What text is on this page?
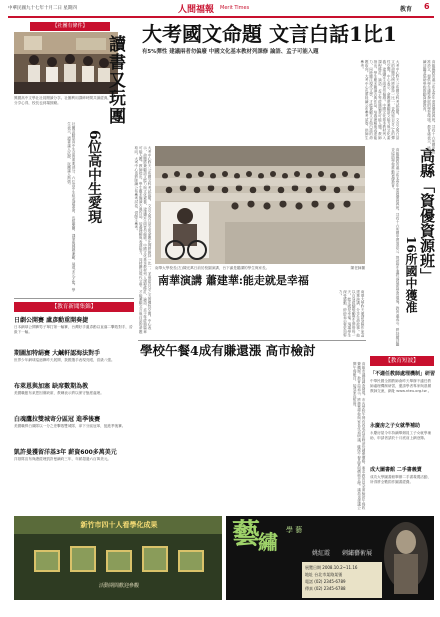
中華民國九十七年十月二日 星期四	人間福報 Merit Times	教育 6
【社團有條件】
興國高中文學社社員閱讀分享。社團利用課餘時間共讀經典，並分享心得，校長也到場鼓勵。
社團活動是高中生活的重要部分，六位高中生組成讀書會，也組樂團，課業與興趣兼顧，展現多元才能。學生表示，讀書讓人沉靜，玩團讓人熱情。
讀書又玩團
6位高中生愛現
大考國文命題 文言白話1比1
有5%彈性 建議兩者勿偏廢 中國文化基本教材列課修 論語、孟子可能入題
大考中心昨天公布國文科考試說明，文言文與白話文的命題比例將維持一比一，並保留百分之五的彈性空間。中心表示，命題將兼顧語文能力與文化素養，建議學生兩者勿偏廢。中國文化基本教材列入課程修訂，論語、孟子等經典篇章可能入題。教師指出，學生應多閱讀古典作品，培養理解與表達能力，同時關注現代文學，才能兼顧文言與白話的命題取向。大考中心也將陸續公布參考試卷，供師生參考。	高雄縣教育處公布本學年度資優資源班，共有十六所國中獲准設立，提供學生適性發展的學習環境。教育處表示，將持續評鑑並協助學校推動資優教育。
高縣「資優資源班」
16所國中獲准
高雄縣教育處公布本學年度資優資源班，共有十六所國中獲准設立，提供學生適性發展的學習環境。教育處表示，將持續評鑑並協助學校推動資優教育。
南華大學校長(左)陳光萬日前於校園演講，台下滿是聽講的學生與家長。	陳老師攝
南華演講 蕭建華:能走就是幸福
南華大學昨天邀請身障作家蕭建華演講，分享生命故事。他以自身經驗勉勵學生珍惜每一天，能走就是幸福。現場學生深受感動，紛紛表示要更加努力。
大考中心昨天公布國文科考試說明，文言文與白話文的命題比例將維持一比一，並保留百分之五的彈性空間。中心表示，命題將兼顧語文能力與文化素養，建議學生兩者勿偏廢。中國文化基本教材列入課程修訂，論語、孟子等經典篇章可能入題。教師指出，學生應多閱讀古典作品，培養理解與表達能力，同時關注現代文學，才能兼顧文言與白話的命題取向。大考中心也將陸續公布參考試卷，供師生參考。
【教育新聞集錦】
日劇公開賽 盧彥勳重開奏捷
日本網球公開賽男子單打第一輪賽，台灣好手盧彥勳以直落二擊敗對手，晉級下一輪。
期圖加特絹賽 大鹹軒認海法對手
世界少年網球巡迴賽昨天展開，我國選手表現亮眼，晉級八強。
布萊恩與加塞 缺席數期為教
美國職籃布萊恩因傷缺席，教練表示將以保守態度處理。
白魂鷹拉雙城寄分區冠 進季後賽
美國職棒白襪隊以一分之差擊敗雙城隊，拿下分區冠軍，挺進季後賽。
凱許曼獲留洋基3年 薪資600多萬美元
洋基隊宣布與總經理凱許曼續約三年，年薪超過六百萬美元。
學校午餐4成有賺還漲 高市檢討
高雄市議員調查發現，市內學校午餐有四成有盈餘卻仍調漲價格，要求教育局全面檢討午餐收費機制。教育局表示，將邀集學校與家長代表研議，確保午餐品質與價格合理。議員也建議公開午餐帳目，接受家長監督。
【教育短波】
「不適任教師處理機制」研習
中華民國全國教師會昨天舉辦不適任教師處理機制研習，邀請學者專家與基層教師交流，網址 www.nteu.org.tw 。
永慶房之子女就學補助
永慶房屋今年持續舉辦員工子女就學補助，申請者請於十月底前上網登錄。
成大圖書館 二手書義賣
成功大學圖書館舉辦二手書義賣活動，所得將全數捐作圖書經費。
新竹市四十人看學化成果
活動期間歡迎參觀
藝
繡 學 藝
姚紅霞 刺繡藝術展
展覽日期 2008.10.2~11.16
地址 台北市某路某號
電話 (02) 2345-6789
傳真 (02) 2345-6788
